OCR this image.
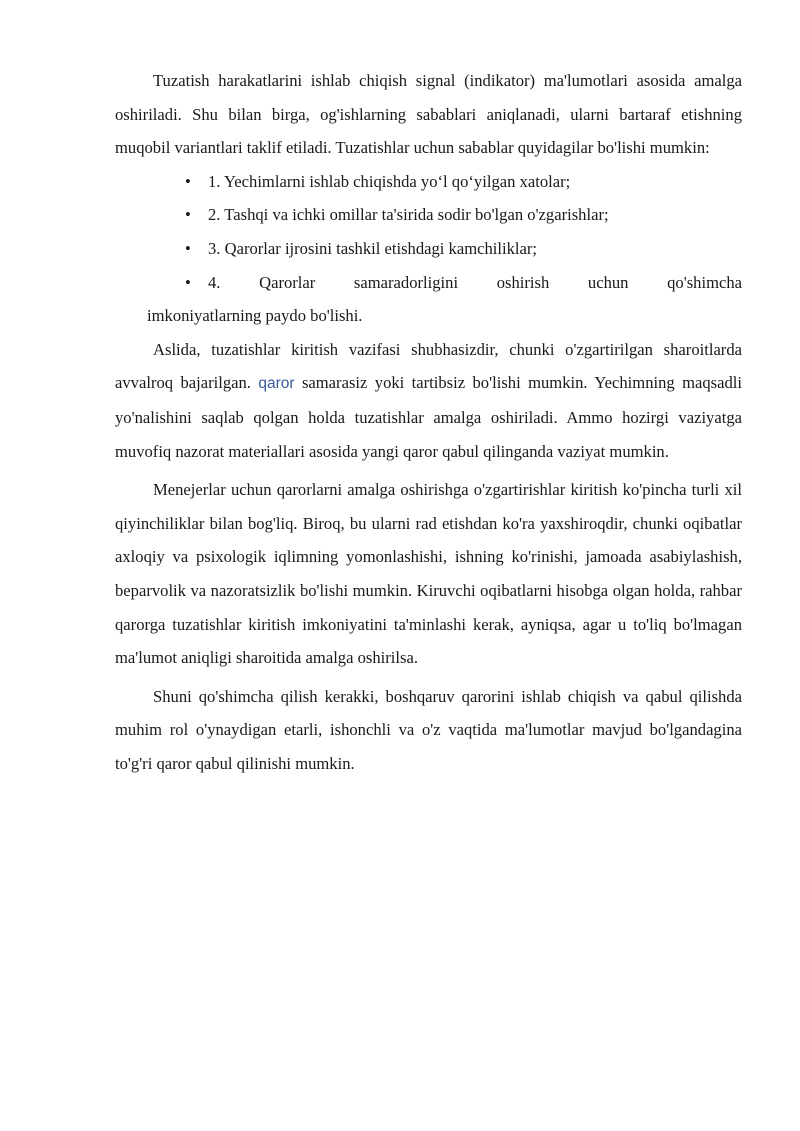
Tuzatish harakatlarini ishlab chiqish signal (indikator) ma'lumotlari asosida amalga oshiriladi. Shu bilan birga, og'ishlarning sabablari aniqlanadi, ularni bartaraf etishning muqobil variantlari taklif etiladi. Tuzatishlar uchun sabablar quyidagilar bo'lishi mumkin:

• 1. Yechimlarni ishlab chiqishda yo‘l qo‘yilgan xatolar;
• 2. Tashqi va ichki omillar ta'sirida sodir bo'lgan o'zgarishlar;
• 3. Qarorlar ijrosini tashkil etishdagi kamchiliklar;
• 4. Qarorlar samaradorligini oshirish uchun qo'shimcha
imkoniyatlarning paydo bo'lishi.

Aslida, tuzatishlar kiritish vazifasi shubhasizdir, chunki o'zgartirilgan sharoitlarda avvalroq bajarilgan. qaror samarasiz yoki tartibsiz bo'lishi mumkin. Yechimning maqsadli yo'nalishini saqlab qolgan holda tuzatishlar amalga oshiriladi. Ammo hozirgi vaziyatga muvofiq nazorat materiallari asosida yangi qaror qabul qilinganda vaziyat mumkin.

Menejerlar uchun qarorlarni amalga oshirishga o'zgartirishlar kiritish ko'pincha turli xil qiyinchiliklar bilan bog'liq. Biroq, bu ularni rad etishdan ko'ra yaxshiroqdir, chunki oqibatlar axloqiy va psixologik iqlimning yomonlashishi, ishning ko'rinishi, jamoada asabiylashish, beparvolik va nazoratsizlik bo'lishi mumkin. Kiruvchi oqibatlarni hisobga olgan holda, rahbar qarorga tuzatishlar kiritish imkoniyatini ta'minlashi kerak, ayniqsa, agar u to'liq bo'lmagan ma'lumot aniqligi sharoitida amalga oshirilsa.

Shuni qo'shimcha qilish kerakki, boshqaruv qarorini ishlab chiqish va qabul qilishda muhim rol o'ynaydigan etarli, ishonchli va o'z vaqtida ma'lumotlar mavjud bo'lgandagina to'g'ri qaror qabul qilinishi mumkin.
